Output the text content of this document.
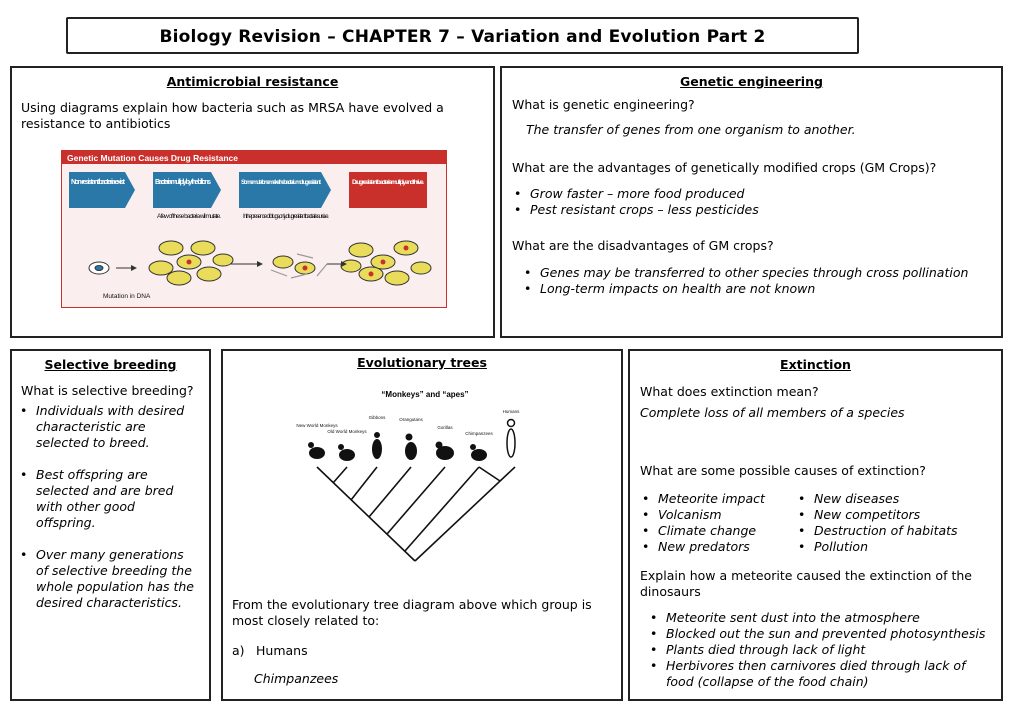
Biology Revision – CHAPTER 7 – Variation and Evolution Part 2
Antimicrobial resistance
Using diagrams explain how bacteria such as MRSA have evolved a resistance to antibiotics
Genetic Mutation Causes Drug Resistance
Non-resistant bacteria exist	Bacteria multiply by the billions	Some mutations make the bacterium drug resistant	Drug resistant bacteria multiply and thrive.
A few of these bacteria will mutate.	In the presence of drugs, only drug resistant bacteria survive.
Mutation in DNA
Genetic engineering
What is genetic engineering?
The transfer of genes from one organism to another.
What are the advantages of genetically modified crops (GM Crops)?
• Grow faster – more food produced
• Pest resistant crops – less pesticides
What are the disadvantages of GM crops?
• Genes may be transferred to other species through cross pollination
• Long-term impacts on health are not known
Selective breeding
What is selective breeding?
• Individuals with desired characteristic are selected to breed.
• Best offspring are selected and are bred with other good offspring.
• Over many generations of selective breeding the whole population has the desired characteristics.
Evolutionary trees
“Monkeys” and “apes”
New World Monkeys
Old World Monkeys
Gibbons	Orangutans
Gorillas
Chimpanzees
Humans
From the evolutionary tree diagram above which group is most closely related to:
a) Humans
Chimpanzees
Extinction
What does extinction mean?
Complete loss of all members of a species
What are some possible causes of extinction?
• Meteorite impact
• Volcanism
• Climate change
• New predators
• New diseases
• New competitors
• Destruction of habitats
• Pollution
Explain how a meteorite caused the extinction of the dinosaurs
• Meteorite sent dust into the atmosphere
• Blocked out the sun and prevented photosynthesis
• Plants died through lack of light
• Herbivores then carnivores died through lack of food (collapse of the food chain)
